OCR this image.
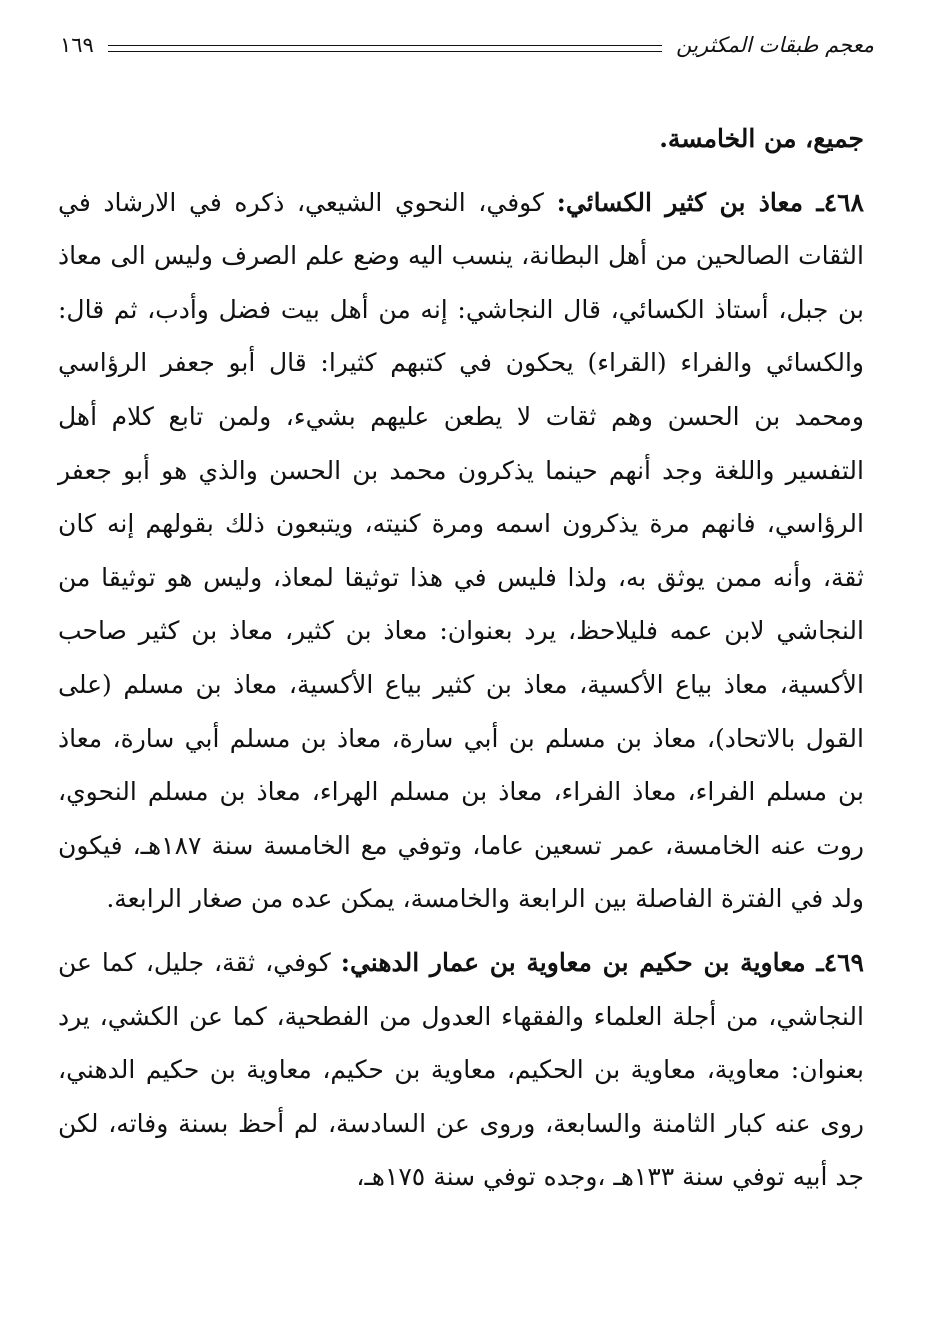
معجم طبقات المكثرين
١٦٩

جميع، من الخامسة.

٤٦٨ـ معاذ بن كثير الكسائي: كوفي، النحوي الشيعي، ذكره في الارشاد في الثقات الصالحين من أهل البطانة، ينسب اليه وضع علم الصرف وليس الى معاذ بن جبل، أستاذ الكسائي، قال النجاشي: إنه من أهل بيت فضل وأدب، ثم قال: والكسائي والفراء (القراء) يحكون في كتبهم كثيرا: قال أبو جعفر الرؤاسي ومحمد بن الحسن وهم ثقات لا يطعن عليهم بشيء، ولمن تابع كلام أهل التفسير واللغة وجد أنهم حينما يذكرون محمد بن الحسن والذي هو أبو جعفر الرؤاسي، فانهم مرة يذكرون اسمه ومرة كنيته، ويتبعون ذلك بقولهم إنه كان ثقة، وأنه ممن يوثق به، ولذا فليس في هذا توثيقا لمعاذ، وليس هو توثيقا من النجاشي لابن عمه فليلاحظ، يرد بعنوان: معاذ بن كثير، معاذ بن كثير صاحب الأكسية، معاذ بياع الأكسية، معاذ بن كثير بياع الأكسية، معاذ بن مسلم (على القول بالاتحاد)، معاذ بن مسلم بن أبي سارة، معاذ بن مسلم أبي سارة، معاذ بن مسلم الفراء، معاذ الفراء، معاذ بن مسلم الهراء، معاذ بن مسلم النحوي، روت عنه الخامسة، عمر تسعين عاما، وتوفي مع الخامسة سنة ١٨٧هـ، فيكون ولد في الفترة الفاصلة بين الرابعة والخامسة، يمكن عده من صغار الرابعة.

٤٦٩ـ معاوية بن حكيم بن معاوية بن عمار الدهني: كوفي، ثقة، جليل، كما عن النجاشي، من أجلة العلماء والفقهاء العدول من الفطحية، كما عن الكشي، يرد بعنوان: معاوية، معاوية بن الحكيم، معاوية بن حكيم، معاوية بن حكيم الدهني، روى عنه كبار الثامنة والسابعة، وروى عن السادسة، لم أحظ بسنة وفاته، لكن جد أبيه توفي سنة ١٣٣هـ ،وجده توفي سنة ١٧٥هـ،
